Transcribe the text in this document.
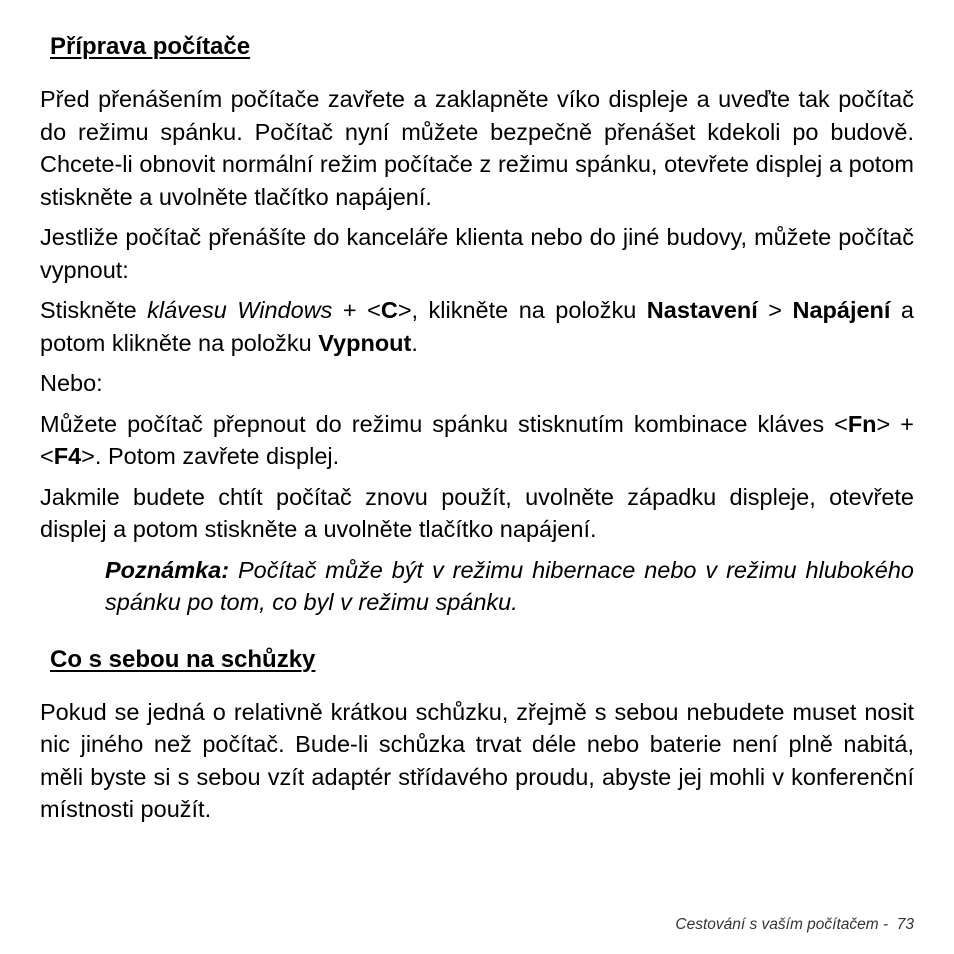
Příprava počítače

Před přenášením počítače zavřete a zaklapněte víko displeje a uveďte tak počítač do režimu spánku. Počítač nyní můžete bezpečně přenášet kdekoli po budově. Chcete-li obnovit normální režim počítače z režimu spánku, otevřete displej a potom stiskněte a uvolněte tlačítko napájení.

Jestliže počítač přenášíte do kanceláře klienta nebo do jiné budovy, můžete počítač vypnout:

Stiskněte klávesu Windows + <C>, klikněte na položku Nastavení > Napájení a potom klikněte na položku Vypnout.

Nebo:

Můžete počítač přepnout do režimu spánku stisknutím kombinace kláves <Fn> + <F4>. Potom zavřete displej.

Jakmile budete chtít počítač znovu použít, uvolněte západku displeje, otevřete displej a potom stiskněte a uvolněte tlačítko napájení.

Poznámka: Počítač může být v režimu hibernace nebo v režimu hlubokého spánku po tom, co byl v režimu spánku.

Co s sebou na schůzky

Pokud se jedná o relativně krátkou schůzku, zřejmě s sebou nebudete muset nosit nic jiného než počítač. Bude-li schůzka trvat déle nebo baterie není plně nabitá, měli byste si s sebou vzít adaptér střídavého proudu, abyste jej mohli v konferenční místnosti použít.

Cestování s vaším počítačem -  73
